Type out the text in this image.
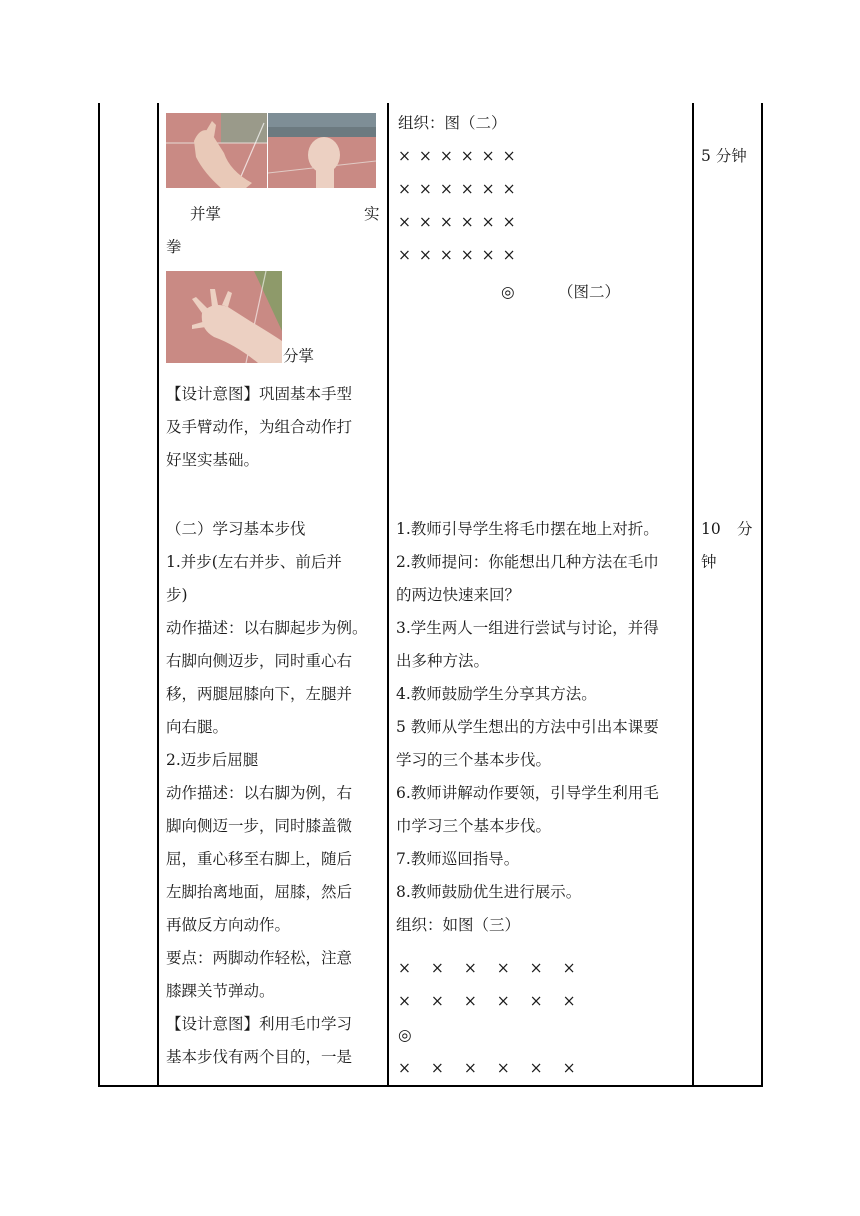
并掌	实
拳
分掌
【设计意图】巩固基本手型
及手臂动作，为组合动作打
好坚实基础。
（二）学习基本步伐
1.并步(左右并步、前后并
步)
动作描述：以右脚起步为例。
右脚向侧迈步，同时重心右
移，两腿屈膝向下，左腿并
向右腿。
2.迈步后屈腿
动作描述：以右脚为例，右
脚向侧迈一步，同时膝盖微
屈，重心移至右脚上，随后
左脚抬离地面，屈膝，然后
再做反方向动作。
要点：两脚动作轻松，注意
膝踝关节弹动。
【设计意图】利用毛巾学习
基本步伐有两个目的，一是
组织：图（二）
× × × × × ×
× × × × × ×
× × × × × ×
× × × × × ×
◎	（图二）
1.教师引导学生将毛巾摆在地上对折。
2.教师提问：你能想出几种方法在毛巾
的两边快速来回？
3.学生两人一组进行尝试与讨论，并得
出多种方法。
4.教师鼓励学生分享其方法。
5 教师从学生想出的方法中引出本课要
学习的三个基本步伐。
6.教师讲解动作要领，引导学生利用毛
巾学习三个基本步伐。
7.教师巡回指导。
8.教师鼓励优生进行展示。
组织：如图（三）
× × × × × ×
× × × × × ×
◎
× × × × × ×
5 分钟
10 分
钟
